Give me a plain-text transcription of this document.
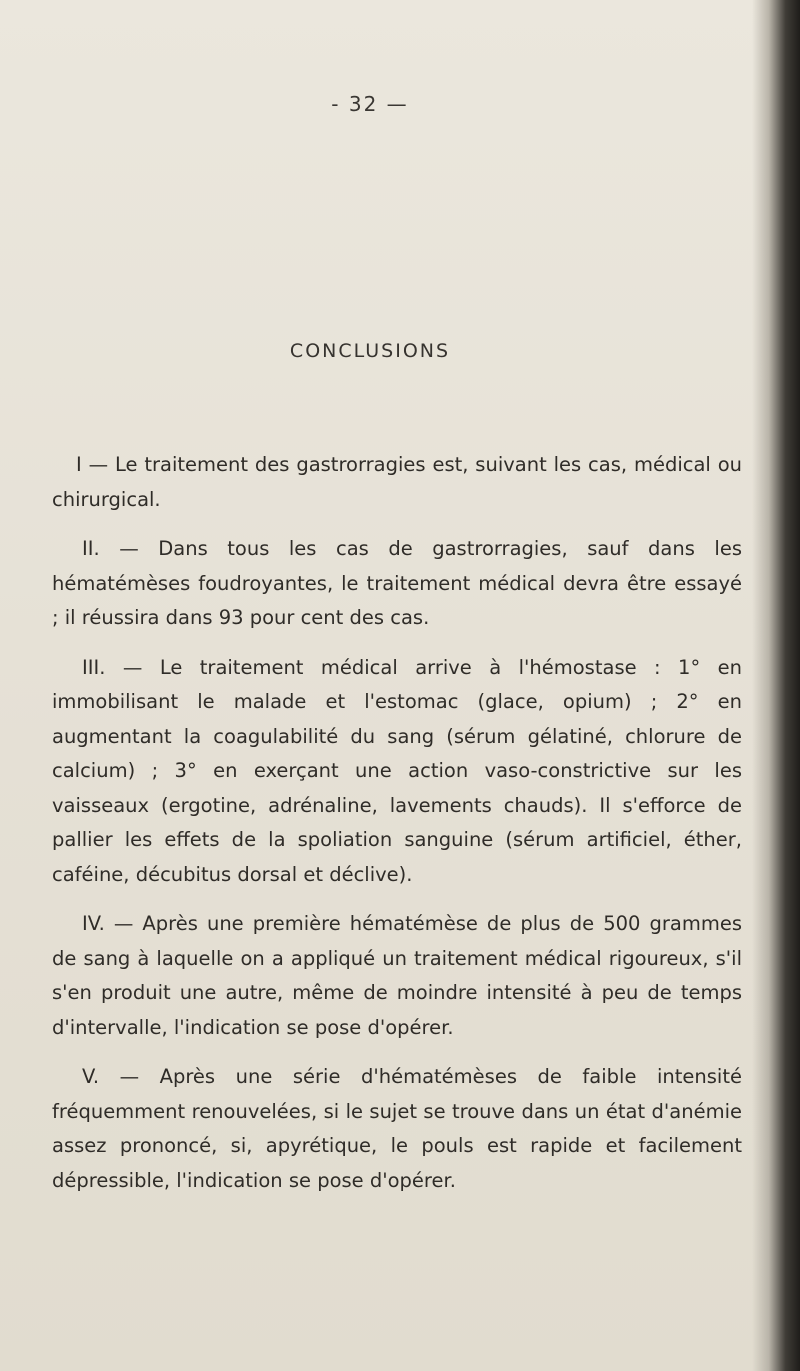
- 32 —
CONCLUSIONS

I — Le traitement des gastrorragies est, suivant les cas, médical ou chirurgical.

II. — Dans tous les cas de gastrorragies, sauf dans les hématémèses foudroyantes, le traitement médical devra être essayé ; il réussira dans 93 pour cent des cas.

III. — Le traitement médical arrive à l'hémostase : 1° en immobilisant le malade et l'estomac (glace, opium) ; 2° en augmentant la coagulabilité du sang (sérum gélatiné, chlorure de calcium) ; 3° en exerçant une action vaso-constrictive sur les vaisseaux (ergotine, adrénaline, lavements chauds). Il s'efforce de pallier les effets de la spoliation sanguine (sérum artificiel, éther, caféine, décubitus dorsal et déclive).

IV. — Après une première hématémèse de plus de 500 grammes de sang à laquelle on a appliqué un traitement médical rigoureux, s'il s'en produit une autre, même de moindre intensité à peu de temps d'intervalle, l'indication se pose d'opérer.

V. — Après une série d'hématémèses de faible intensité fréquemment renouvelées, si le sujet se trouve dans un état d'anémie assez prononcé, si, apyrétique, le pouls est rapide et facilement dépressible, l'indication se pose d'opérer.
